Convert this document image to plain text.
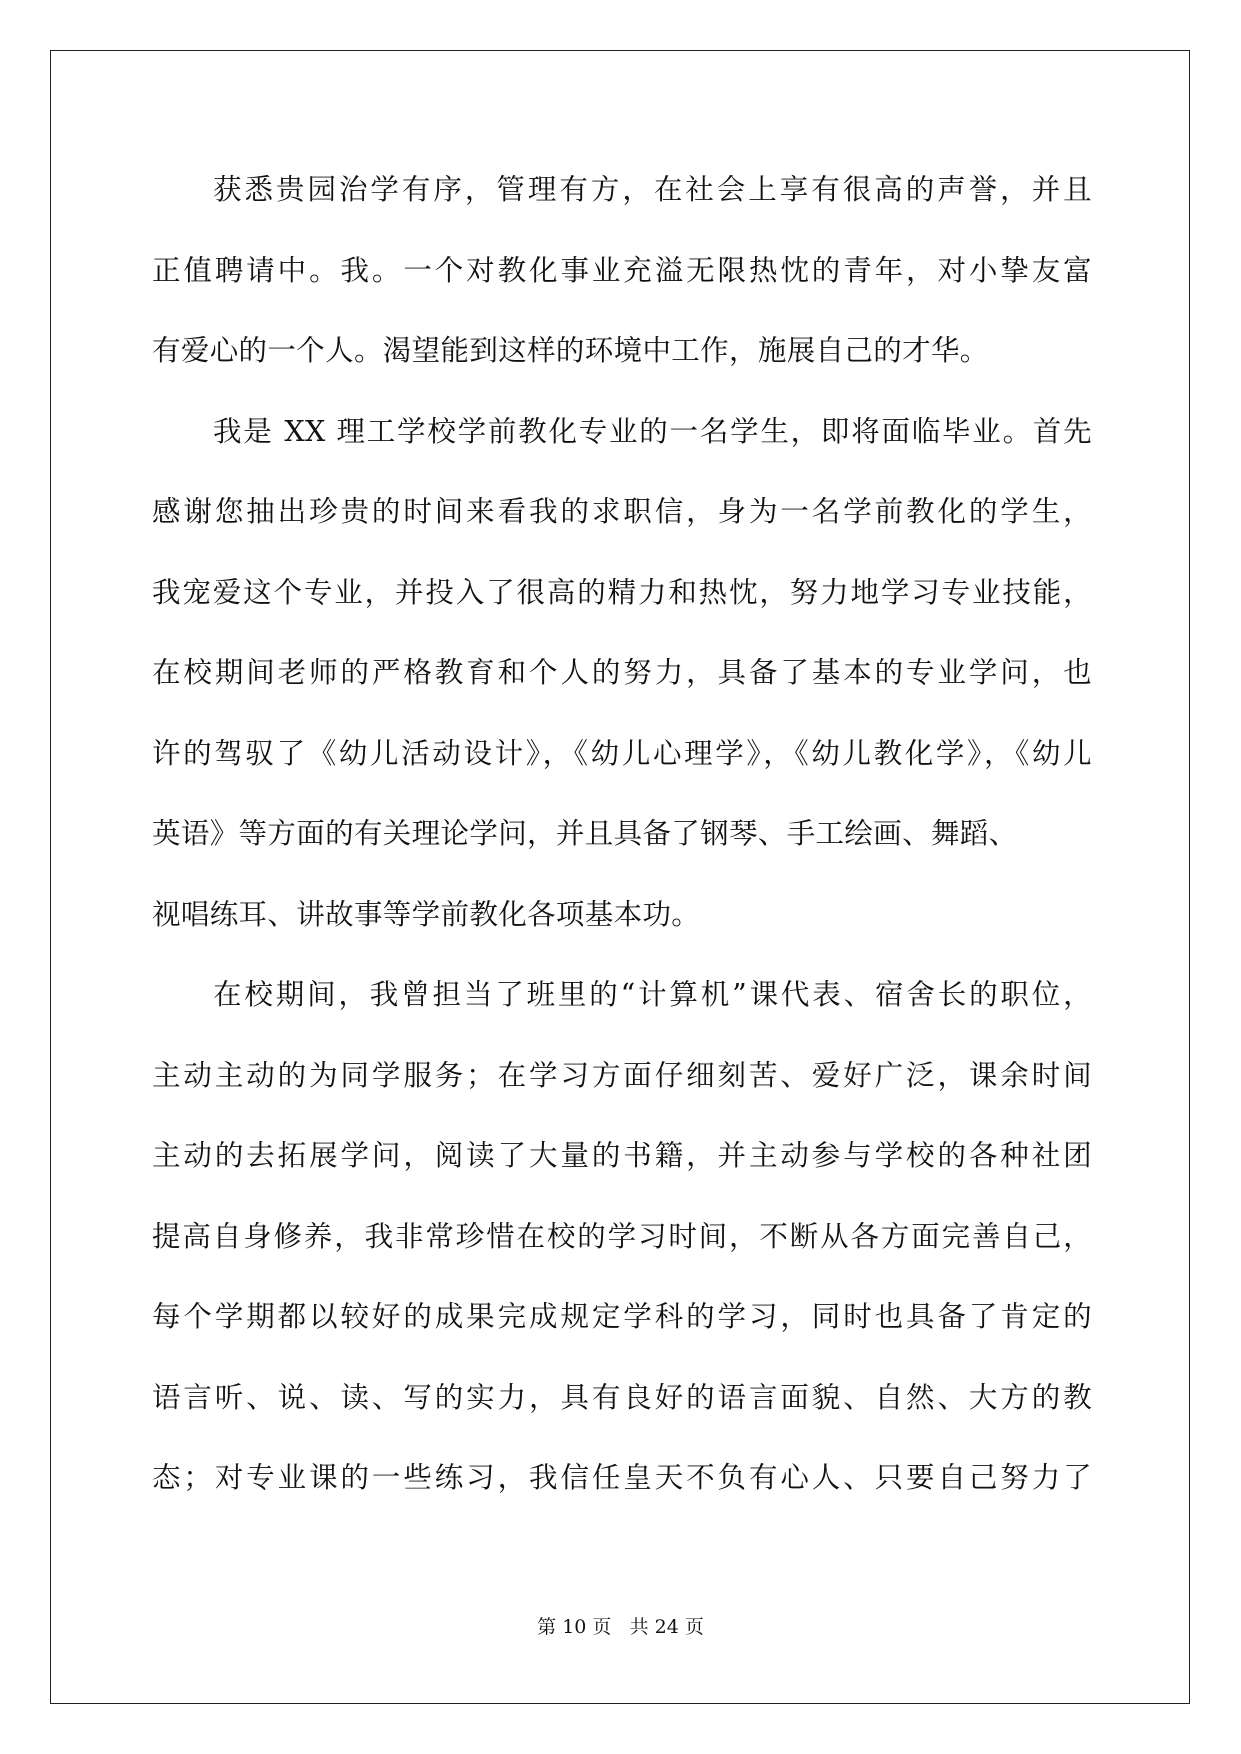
获悉贵园治学有序，管理有方，在社会上享有很高的声誉，并且
正值聘请中。我。一个对教化事业充溢无限热忱的青年，对小挚友富
有爱心的一个人。渴望能到这样的环境中工作，施展自己的才华。
我是 XX 理工学校学前教化专业的一名学生，即将面临毕业。首先
感谢您抽出珍贵的时间来看我的求职信，身为一名学前教化的学生，
我宠爱这个专业，并投入了很高的精力和热忱，努力地学习专业技能，
在校期间老师的严格教育和个人的努力，具备了基本的专业学问，也
许的驾驭了《幼儿活动设计》，《幼儿心理学》，《幼儿教化学》，《幼儿
英语》等方面的有关理论学问，并且具备了钢琴、手工绘画、舞蹈、
视唱练耳、讲故事等学前教化各项基本功。
在校期间，我曾担当了班里的“计算机”课代表、宿舍长的职位，
主动主动的为同学服务；在学习方面仔细刻苦、爱好广泛，课余时间
主动的去拓展学问，阅读了大量的书籍，并主动参与学校的各种社团
提高自身修养，我非常珍惜在校的学习时间，不断从各方面完善自己，
每个学期都以较好的成果完成规定学科的学习，同时也具备了肯定的
语言听、说、读、写的实力，具有良好的语言面貌、自然、大方的教
态；对专业课的一些练习，我信任皇天不负有心人、只要自己努力了
第 10 页 共 24 页
